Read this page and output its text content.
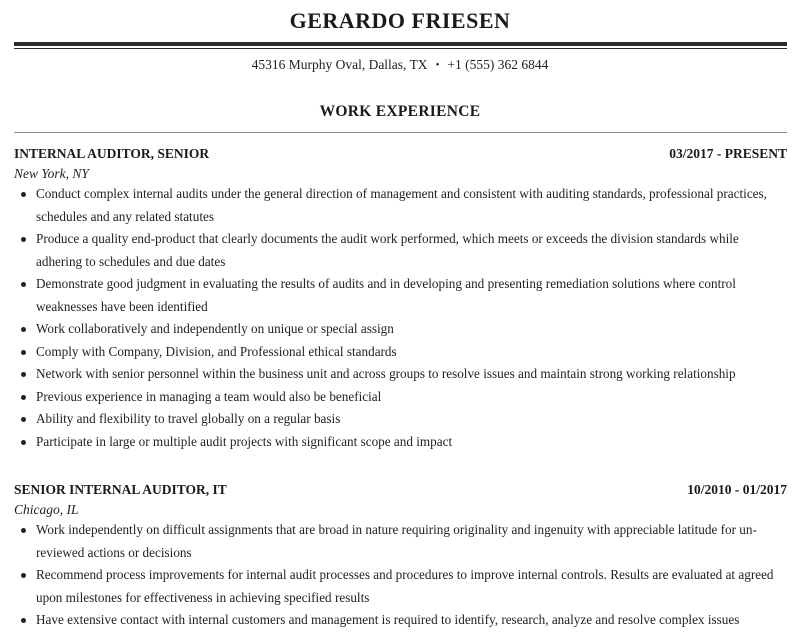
GERARDO FRIESEN
45316 Murphy Oval, Dallas, TX • +1 (555) 362 6844
WORK EXPERIENCE
INTERNAL AUDITOR, SENIOR	03/2017 - PRESENT
New York, NY
Conduct complex internal audits under the general direction of management and consistent with auditing standards, professional practices, schedules and any related statutes
Produce a quality end-product that clearly documents the audit work performed, which meets or exceeds the division standards while adhering to schedules and due dates
Demonstrate good judgment in evaluating the results of audits and in developing and presenting remediation solutions where control weaknesses have been identified
Work collaboratively and independently on unique or special assign
Comply with Company, Division, and Professional ethical standards
Network with senior personnel within the business unit and across groups to resolve issues and maintain strong working relationship
Previous experience in managing a team would also be beneficial
Ability and flexibility to travel globally on a regular basis
Participate in large or multiple audit projects with significant scope and impact
SENIOR INTERNAL AUDITOR, IT	10/2010 - 01/2017
Chicago, IL
Work independently on difficult assignments that are broad in nature requiring originality and ingenuity with appreciable latitude for un-reviewed actions or decisions
Recommend process improvements for internal audit processes and procedures to improve internal controls. Results are evaluated at agreed upon milestones for effectiveness in achieving specified results
Have extensive contact with internal customers and management is required to identify, research, analyze and resolve complex issues
